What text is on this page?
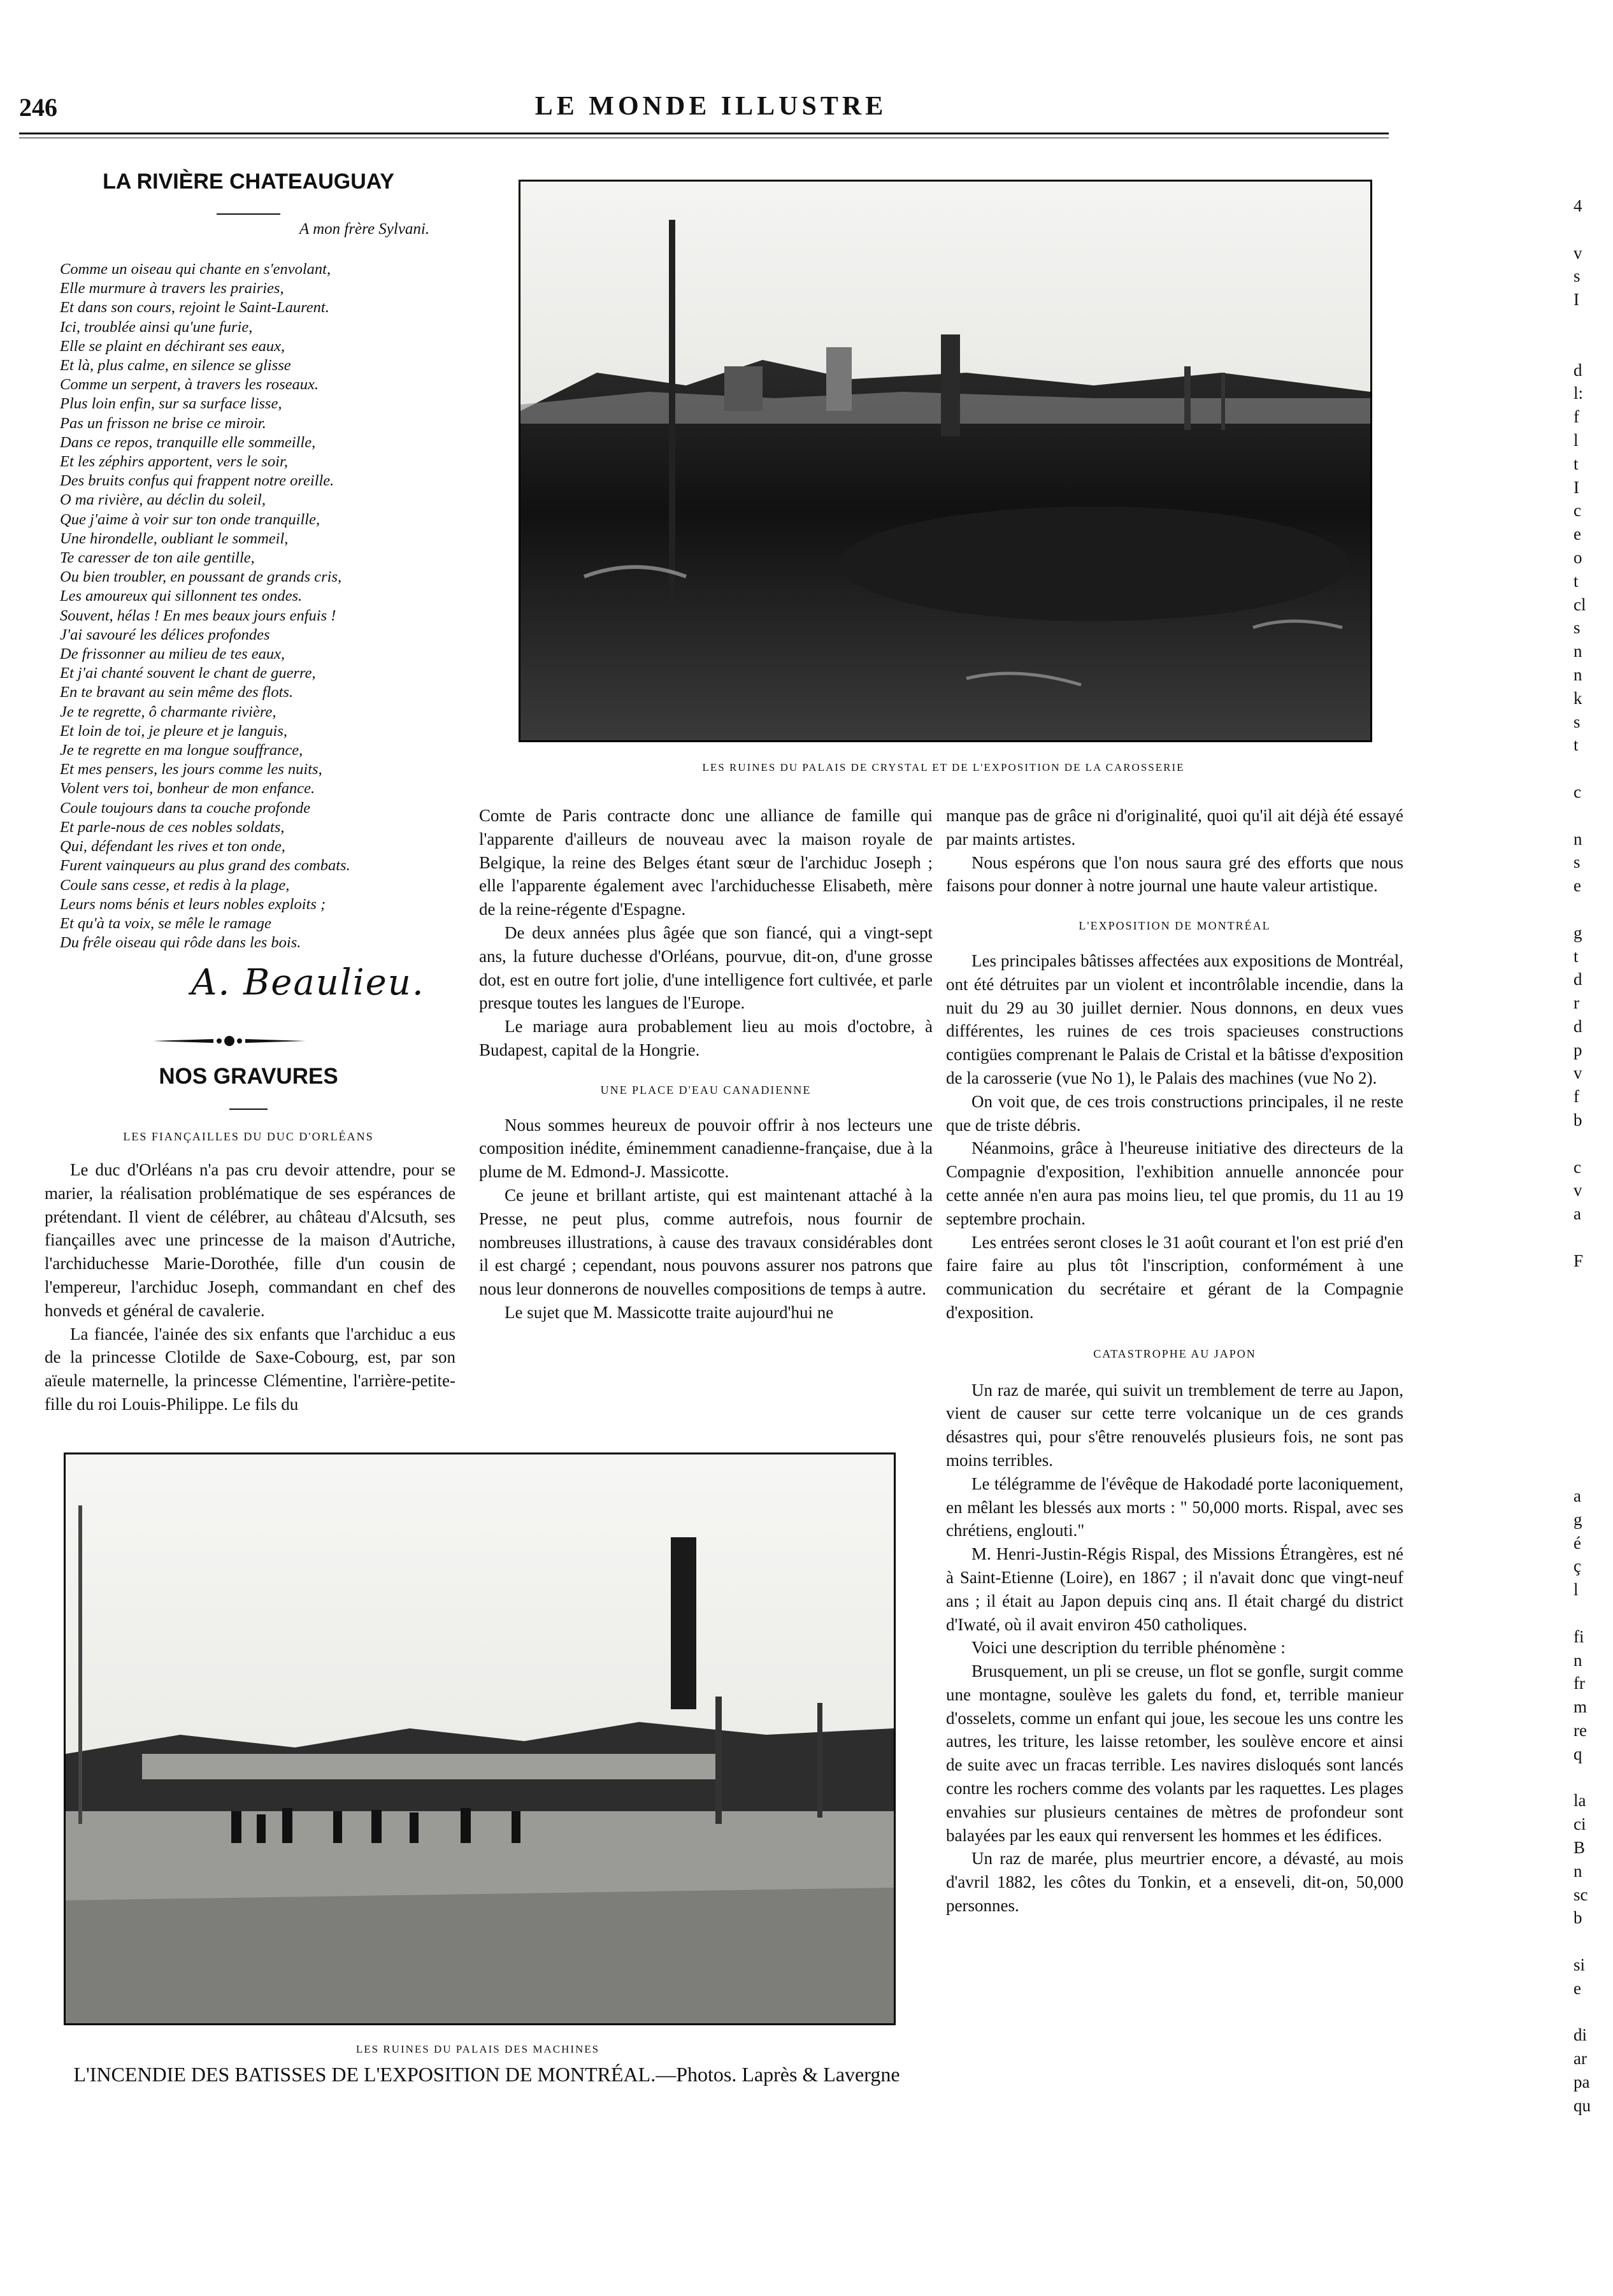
246	LE MONDE ILLUSTRE
LA RIVIÈRE CHATEAUGUAY
A mon frère Sylvani.
Comme un oiseau qui chante en s'envolant,
Elle murmure à travers les prairies,
Et dans son cours, rejoint le Saint-Laurent.
Ici, troublée ainsi qu'une furie,
Elle se plaint en déchirant ses eaux,
Et là, plus calme, en silence se glisse
Comme un serpent, à travers les roseaux.
Plus loin enfin, sur sa surface lisse,
Pas un frisson ne brise ce miroir.
Dans ce repos, tranquille elle sommeille,
Et les zéphirs apportent, vers le soir,
Des bruits confus qui frappent notre oreille.
O ma rivière, au déclin du soleil,
Que j'aime à voir sur ton onde tranquille,
Une hirondelle, oubliant le sommeil,
Te caresser de ton aile gentille,
Ou bien troubler, en poussant de grands cris,
Les amoureux qui sillonnent tes ondes.
Souvent, hélas ! En mes beaux jours enfuis !
J'ai savouré les délices profondes
De frissonner au milieu de tes eaux,
Et j'ai chanté souvent le chant de guerre,
En te bravant au sein même des flots.
Je te regrette, ô charmante rivière,
Et loin de toi, je pleure et je languis,
Je te regrette en ma longue souffrance,
Et mes pensers, les jours comme les nuits,
Volent vers toi, bonheur de mon enfance.
Coule toujours dans ta couche profonde
Et parle-nous de ces nobles soldats,
Qui, défendant les rives et ton onde,
Furent vainqueurs au plus grand des combats.
Coule sans cesse, et redis à la plage,
Leurs noms bénis et leurs nobles exploits ;
Et qu'à ta voix, se mêle le ramage
Du frêle oiseau qui rôde dans les bois.
A. Beaulieu.
NOS GRAVURES
LES FIANÇAILLES DU DUC D'ORLÉANS

Le duc d'Orléans n'a pas cru devoir attendre, pour se marier, la réalisation problématique de ses espérances de prétendant. Il vient de célébrer, au château d'Alcsuth, ses fiançailles avec une princesse de la maison d'Autriche, l'archiduchesse Marie-Dorothée, fille d'un cousin de l'empereur, l'archiduc Joseph, commandant en chef des honveds et général de cavalerie.

La fiancée, l'ainée des six enfants que l'archiduc a eus de la princesse Clotilde de Saxe-Cobourg, est, par son aïeule maternelle, la princesse Clémentine, l'arrière-petite-fille du roi Louis-Philippe. Le fils du

LES RUINES DU PALAIS DE CRYSTAL ET DE L'EXPOSITION DE LA CAROSSERIE

Comte de Paris contracte donc une alliance de famille qui l'apparente d'ailleurs de nouveau avec la maison royale de Belgique, la reine des Belges étant sœur de l'archiduc Joseph ; elle l'apparente également avec l'archiduchesse Elisabeth, mère de la reine-régente d'Espagne.

De deux années plus âgée que son fiancé, qui a vingt-sept ans, la future duchesse d'Orléans, pourvue, dit-on, d'une grosse dot, est en outre fort jolie, d'une intelligence fort cultivée, et parle presque toutes les langues de l'Europe.

Le mariage aura probablement lieu au mois d'octobre, à Budapest, capital de la Hongrie.

UNE PLACE D'EAU CANADIENNE

Nous sommes heureux de pouvoir offrir à nos lecteurs une composition inédite, éminemment canadienne-française, due à la plume de M. Edmond-J. Massicotte.

Ce jeune et brillant artiste, qui est maintenant attaché à la Presse, ne peut plus, comme autrefois, nous fournir de nombreuses illustrations, à cause des travaux considérables dont il est chargé ; cependant, nous pouvons assurer nos patrons que nous leur donnerons de nouvelles compositions de temps à autre.

Le sujet que M. Massicotte traite aujourd'hui ne

manque pas de grâce ni d'originalité, quoi qu'il ait déjà été essayé par maints artistes.

Nous espérons que l'on nous saura gré des efforts que nous faisons pour donner à notre journal une haute valeur artistique.

L'EXPOSITION DE MONTRÉAL

Les principales bâtisses affectées aux expositions de Montréal, ont été détruites par un violent et incontrôlable incendie, dans la nuit du 29 au 30 juillet dernier. Nous donnons, en deux vues différentes, les ruines de ces trois spacieuses constructions contigües comprenant le Palais de Cristal et la bâtisse d'exposition de la carosserie (vue No 1), le Palais des machines (vue No 2).

On voit que, de ces trois constructions principales, il ne reste que de triste débris.

Néanmoins, grâce à l'heureuse initiative des directeurs de la Compagnie d'exposition, l'exhibition annuelle annoncée pour cette année n'en aura pas moins lieu, tel que promis, du 11 au 19 septembre prochain.

Les entrées seront closes le 31 août courant et l'on est prié d'en faire faire au plus tôt l'inscription, conformément à une communication du secrétaire et gérant de la Compagnie d'exposition.

CATASTROPHE AU JAPON

Un raz de marée, qui suivit un tremblement de terre au Japon, vient de causer sur cette terre volcanique un de ces grands désastres qui, pour s'être renouvelés plusieurs fois, ne sont pas moins terribles.

Le télégramme de l'évêque de Hakodadé porte laconiquement, en mêlant les blessés aux morts : " 50,000 morts. Rispal, avec ses chrétiens, englouti."

M. Henri-Justin-Régis Rispal, des Missions Étrangères, est né à Saint-Etienne (Loire), en 1867 ; il n'avait donc que vingt-neuf ans ; il était au Japon depuis cinq ans. Il était chargé du district d'Iwaté, où il avait environ 450 catholiques.

Voici une description du terrible phénomène :

Brusquement, un pli se creuse, un flot se gonfle, surgit comme une montagne, soulève les galets du fond, et, terrible manieur d'osselets, comme un enfant qui joue, les secoue les uns contre les autres, les triture, les laisse retomber, les soulève encore et ainsi de suite avec un fracas terrible. Les navires disloqués sont lancés contre les rochers comme des volants par les raquettes. Les plages envahies sur plusieurs centaines de mètres de profondeur sont balayées par les eaux qui renversent les hommes et les édifices.

Un raz de marée, plus meurtrier encore, a dévasté, au mois d'avril 1882, les côtes du Tonkin, et a enseveli, dit-on, 50,000 personnes.

LES RUINES DU PALAIS DES MACHINES
L'INCENDIE DES BATISSES DE L'EXPOSITION DE MONTRÉAL.—Photos. Laprès & Lavergne
4

v
s
I

d
l:
f
l
t
I
c
e
o
t
cl
s
n
n
k
s
t

c

n
s
e

g
t
d
r
d
p
v
f
b

c
v
a

F
a
g
é
ç
l

fi
n
fr
m
re
q

la
ci
B
n
sc
b

si
e

di
ar
pa
qu
